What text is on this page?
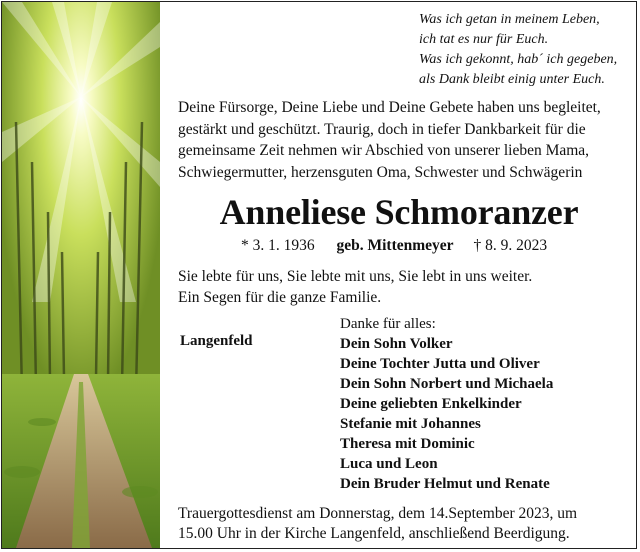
Was ich getan in meinem Leben,
ich tat es nur für Euch.
Was ich gekonnt, hab´ ich gegeben,
als Dank bleibt einig unter Euch.
Deine Fürsorge, Deine Liebe und Deine Gebete haben uns begleitet,
gestärkt und geschützt. Traurig, doch in tiefer Dankbarkeit für die
gemeinsame Zeit nehmen wir Abschied von unserer lieben Mama,
Schwiegermutter, herzensguten Oma, Schwester und Schwägerin
Anneliese Schmoranzer
* 3. 1. 1936 geb. Mittenmeyer † 8. 9. 2023
Sie lebte für uns, Sie lebte mit uns, Sie lebt in uns weiter.
Ein Segen für die ganze Familie.
Langenfeld
Danke für alles:
Dein Sohn Volker
Deine Tochter Jutta und Oliver
Dein Sohn Norbert und Michaela
Deine geliebten Enkelkinder
Stefanie mit Johannes
Theresa mit Dominic
Luca und Leon
Dein Bruder Helmut und Renate
Trauergottesdienst am Donnerstag, dem 14.September 2023, um
15.00 Uhr in der Kirche Langenfeld, anschließend Beerdigung.
